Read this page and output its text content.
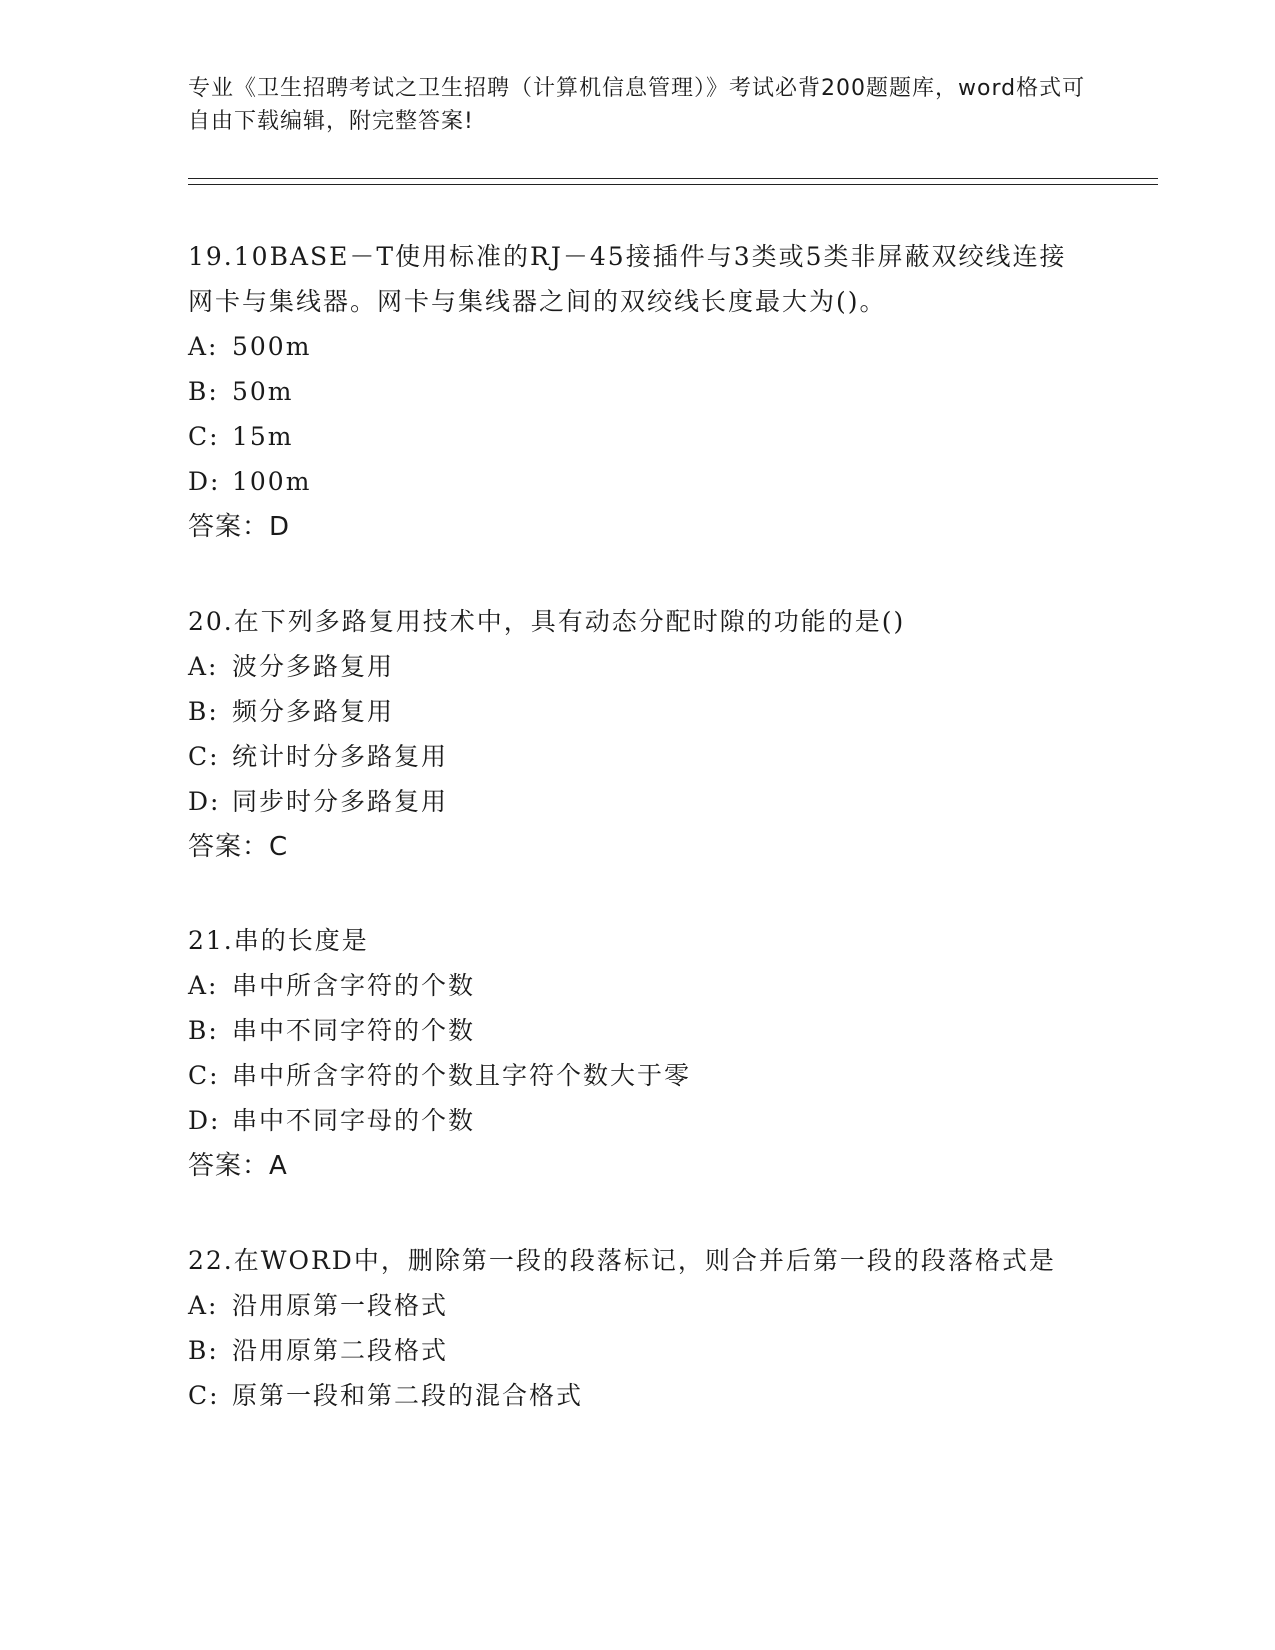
专业《卫生招聘考试之卫生招聘（计算机信息管理）》考试必背200题题库，word格式可自由下载编辑，附完整答案!

19.10BASE－T使用标准的RJ－45接插件与3类或5类非屏蔽双绞线连接网卡与集线器。网卡与集线器之间的双绞线长度最大为()。

A: 500m

B: 50m

C: 15m

D: 100m

答案：D

20.在下列多路复用技术中，具有动态分配时隙的功能的是()

A: 波分多路复用

B: 频分多路复用

C: 统计时分多路复用

D: 同步时分多路复用

答案：C

21.串的长度是

A: 串中所含字符的个数

B: 串中不同字符的个数

C: 串中所含字符的个数且字符个数大于零

D: 串中不同字母的个数

答案：A

22.在WORD中，删除第一段的段落标记，则合并后第一段的段落格式是

A: 沿用原第一段格式

B: 沿用原第二段格式

C: 原第一段和第二段的混合格式
